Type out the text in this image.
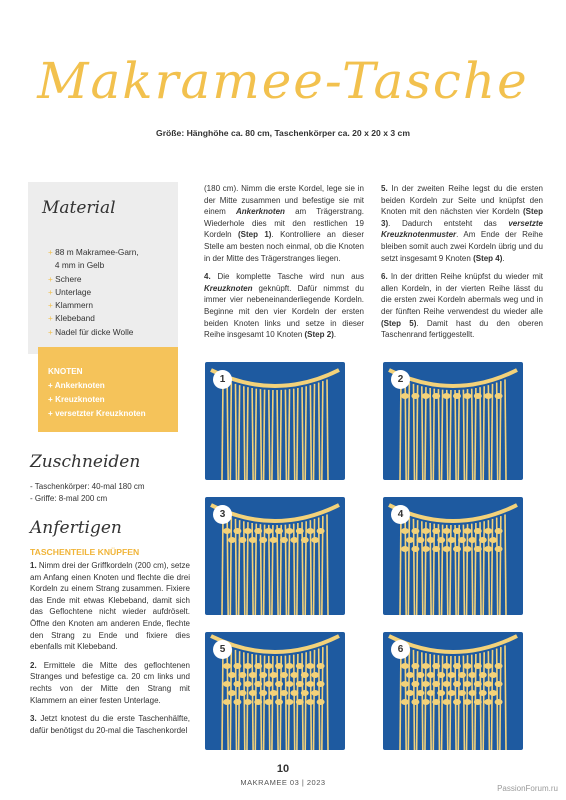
Makramee-Tasche
Größe: Hänghöhe ca. 80 cm, Taschenkörper ca. 20 x 20 x 3 cm
Material
+ 88 m Makramee-Garn,
4 mm in Gelb
+ Schere
+ Unterlage
+ Klammern
+ Klebeband
+ Nadel für dicke Wolle
KNOTEN
+ Ankerknoten
+ Kreuzknoten
+ versetzter Kreuzknoten
Zuschneiden
- Taschenkörper: 40-mal 180 cm
- Griffe: 8-mal 200 cm
Anfertigen
TASCHENTEILE KNÜPFEN

1. Nimm drei der Griffkordeln (200 cm), setze am Anfang einen Knoten und flechte die drei Kordeln zu einem Strang zusammen. Fixiere das Ende mit etwas Klebeband, damit sich das Geflochtene nicht wieder aufdröselt. Öffne den Knoten am anderen Ende, flechte den Strang zu Ende und fixiere dies ebenfalls mit Klebeband.

2. Ermittele die Mitte des geflochtenen Stranges und befestige ca. 20 cm links und rechts von der Mitte den Strang mit Klammern an einer festen Unterlage.

3. Jetzt knotest du die erste Taschenhälfte, dafür benötigst du 20-mal die Taschenkordel

(180 cm). Nimm die erste Kordel, lege sie in der Mitte zusammen und befestige sie mit einem Ankerknoten am Trägerstrang. Wiederhole dies mit den restlichen 19 Kordeln (Step 1). Kontrolliere an dieser Stelle am besten noch einmal, ob die Knoten in der Mitte des Trägerstranges liegen.

4. Die komplette Tasche wird nun aus Kreuzknoten geknüpft. Dafür nimmst du immer vier nebeneinanderliegende Kordeln. Beginne mit den vier Kordeln der ersten beiden Knoten links und setze in dieser Reihe insgesamt 10 Knoten (Step 2).

5. In der zweiten Reihe legst du die ersten beiden Kordeln zur Seite und knüpfst den Knoten mit den nächsten vier Kordeln (Step 3). Dadurch entsteht das versetzte Kreuzknotenmuster. Am Ende der Reihe bleiben somit auch zwei Kordeln übrig und du setzt insgesamt 9 Knoten (Step 4).

6. In der dritten Reihe knüpfst du wieder mit allen Kordeln, in der vierten Reihe lässt du die ersten zwei Kordeln abermals weg und in der fünften Reihe verwendest du wieder alle (Step 5). Damit hast du den oberen Taschenrand fertiggestellt.

1	2
3	4
5	6
10
MAKRAMEE 03 | 2023
PassionForum.ru
